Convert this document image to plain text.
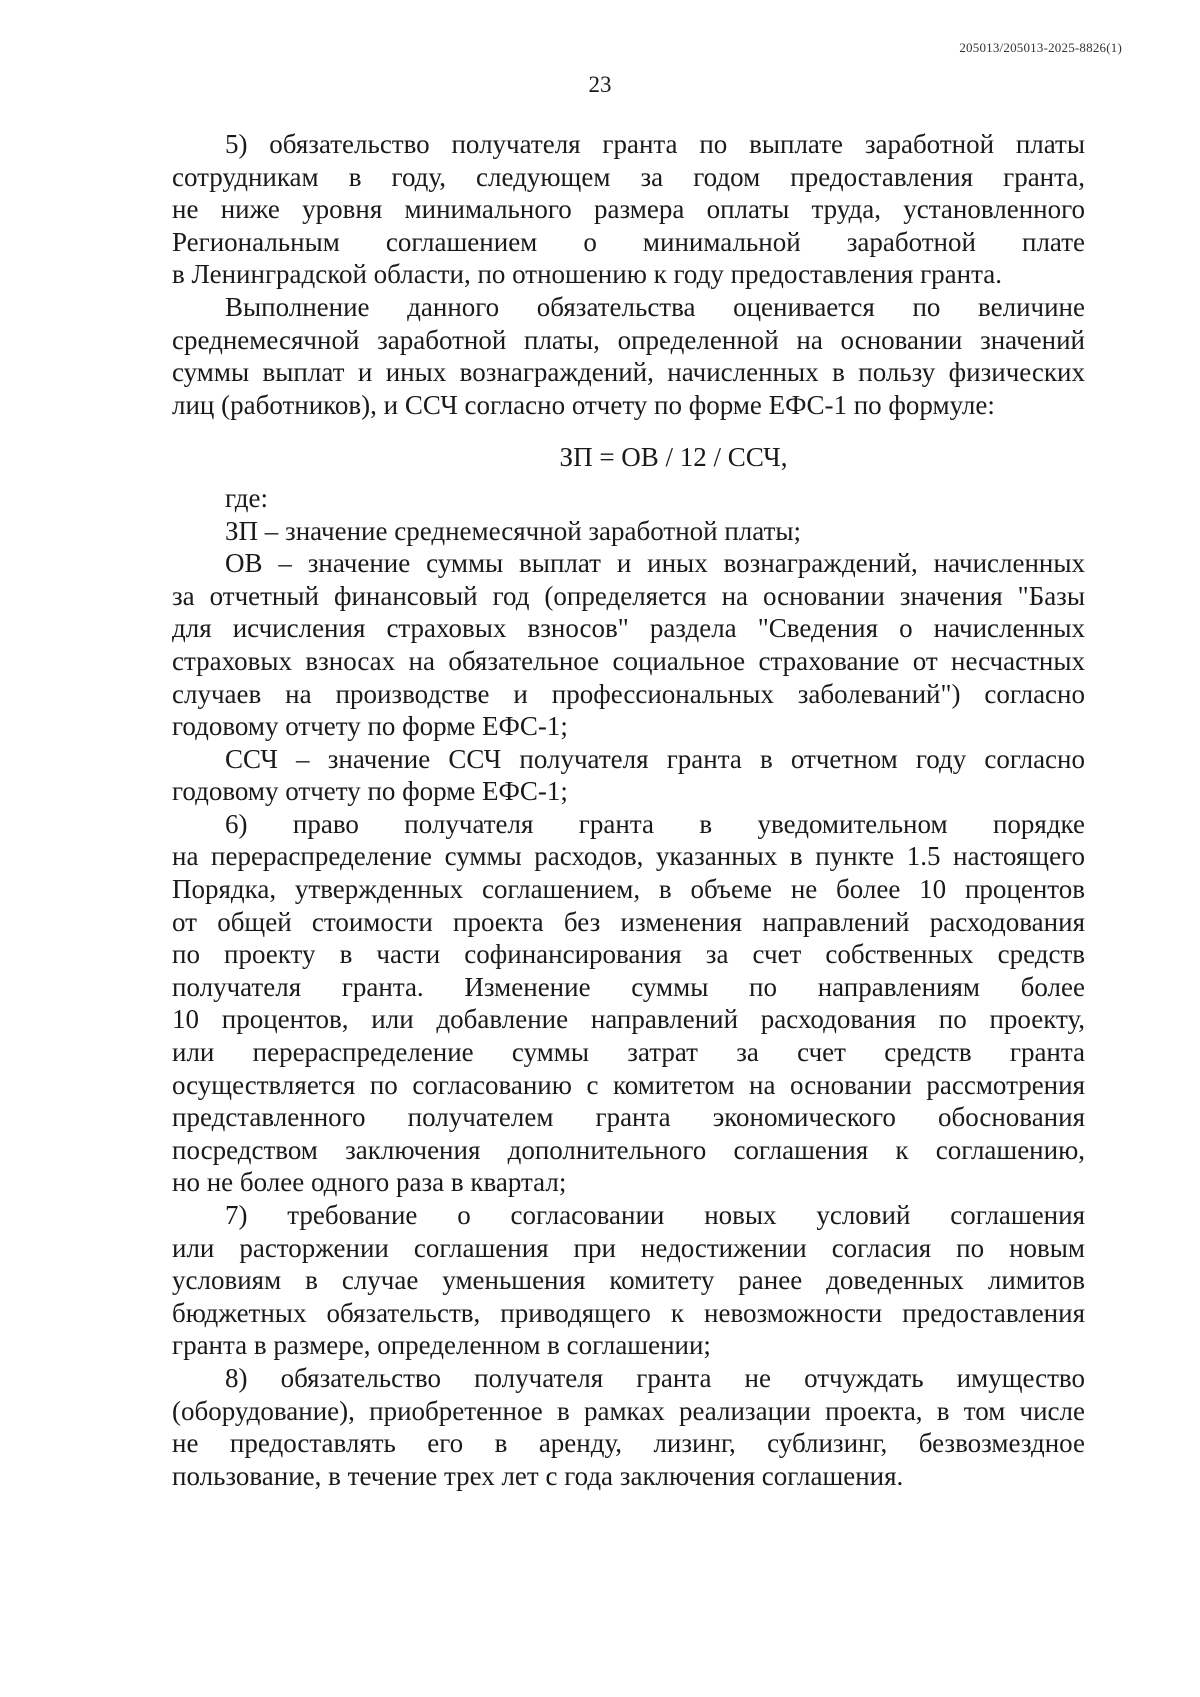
205013/205013-2025-8826(1)
23
5) обязательство получателя гранта по выплате заработной платы
сотрудникам в году, следующем за годом предоставления гранта,
не ниже уровня минимального размера оплаты труда, установленного
Региональным соглашением о минимальной заработной плате
в Ленинградской области, по отношению к году предоставления гранта.
Выполнение данного обязательства оценивается по величине
среднемесячной заработной платы, определенной на основании значений
суммы выплат и иных вознаграждений, начисленных в пользу физических
лиц (работников), и ССЧ согласно отчету по форме ЕФС-1 по формуле:
ЗП = ОВ / 12 / ССЧ,
где:
ЗП – значение среднемесячной заработной платы;
ОВ – значение суммы выплат и иных вознаграждений, начисленных
за отчетный финансовый год (определяется на основании значения "Базы
для исчисления страховых взносов" раздела "Сведения о начисленных
страховых взносах на обязательное социальное страхование от несчастных
случаев на производстве и профессиональных заболеваний") согласно
годовому отчету по форме ЕФС-1;
ССЧ – значение ССЧ получателя гранта в отчетном году согласно
годовому отчету по форме ЕФС-1;
6) право получателя гранта в уведомительном порядке
на перераспределение суммы расходов, указанных в пункте 1.5 настоящего
Порядка, утвержденных соглашением, в объеме не более 10 процентов
от общей стоимости проекта без изменения направлений расходования
по проекту в части софинансирования за счет собственных средств
получателя гранта. Изменение суммы по направлениям более
10 процентов, или добавление направлений расходования по проекту,
или перераспределение суммы затрат за счет средств гранта
осуществляется по согласованию с комитетом на основании рассмотрения
представленного получателем гранта экономического обоснования
посредством заключения дополнительного соглашения к соглашению,
но не более одного раза в квартал;
7) требование о согласовании новых условий соглашения
или расторжении соглашения при недостижении согласия по новым
условиям в случае уменьшения комитету ранее доведенных лимитов
бюджетных обязательств, приводящего к невозможности предоставления
гранта в размере, определенном в соглашении;
8) обязательство получателя гранта не отчуждать имущество
(оборудование), приобретенное в рамках реализации проекта, в том числе
не предоставлять его в аренду, лизинг, сублизинг, безвозмездное
пользование, в течение трех лет с года заключения соглашения.
